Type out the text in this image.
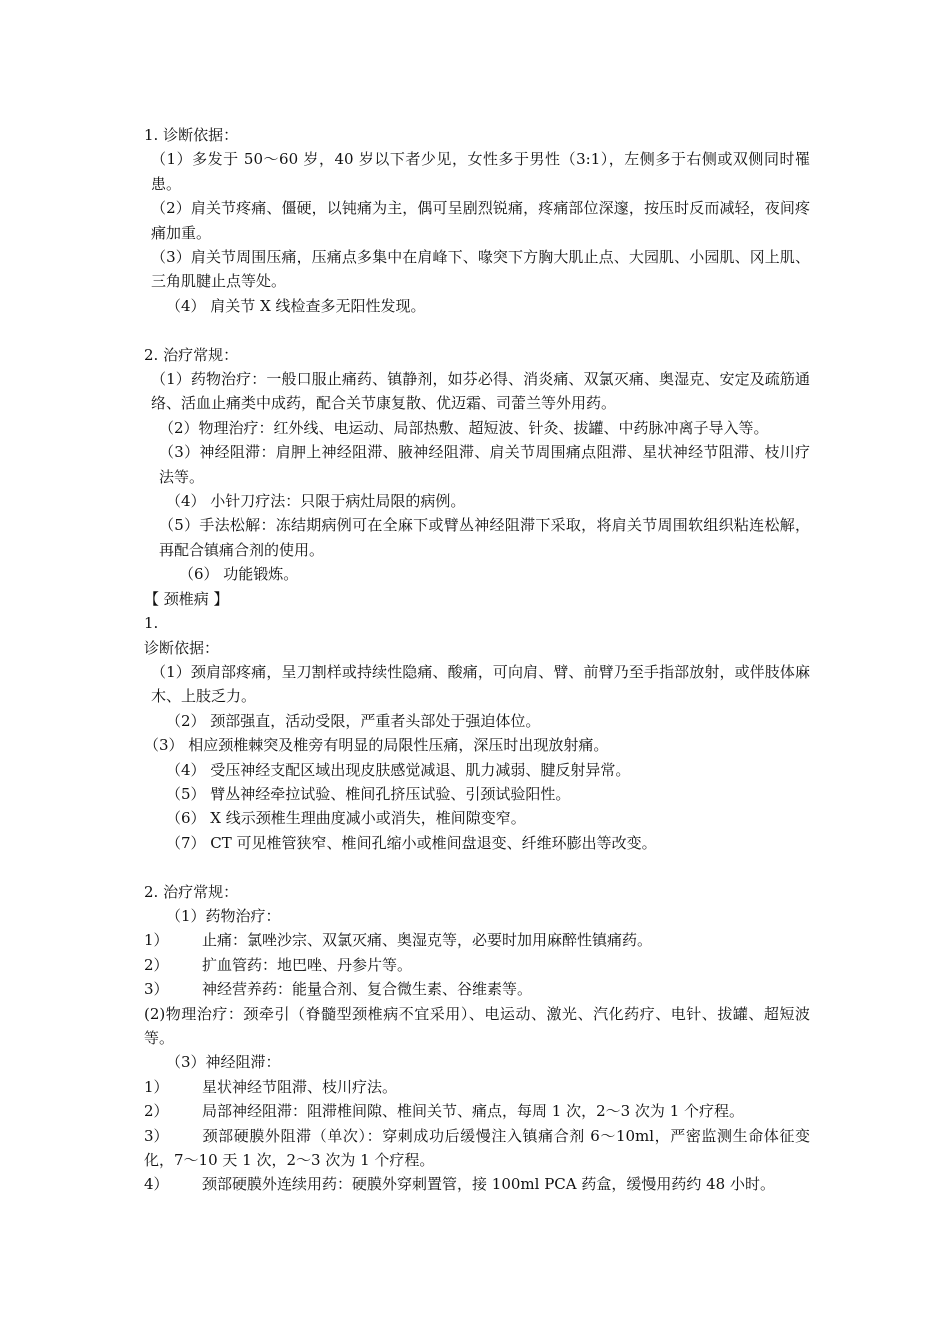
1. 诊断依据：

（1）多发于 50～60 岁，40 岁以下者少见，女性多于男性（3:1），左侧多于右侧或双侧同时罹患。

（2）肩关节疼痛、僵硬，以钝痛为主，偶可呈剧烈锐痛，疼痛部位深邃，按压时反而减轻，夜间疼痛加重。

（3）肩关节周围压痛，压痛点多集中在肩峰下、喙突下方胸大肌止点、大园肌、小园肌、冈上肌、三角肌腱止点等处。

（4） 肩关节 X 线检查多无阳性发现。

2. 治疗常规：

（1）药物治疗：一般口服止痛药、镇静剂，如芬必得、消炎痛、双氯灭痛、奥湿克、安定及疏筋通络、活血止痛类中成药，配合关节康复散、优迈霜、司蕾兰等外用药。

（2）物理治疗：红外线、电运动、局部热敷、超短波、针灸、拔罐、中药脉冲离子导入等。

（3）神经阻滞：肩胛上神经阻滞、腋神经阻滞、肩关节周围痛点阻滞、星状神经节阻滞、枝川疗法等。

（4） 小针刀疗法：只限于病灶局限的病例。

（5）手法松解：冻结期病例可在全麻下或臂丛神经阻滞下采取，将肩关节周围软组织粘连松解，再配合镇痛合剂的使用。

（6） 功能锻炼。

【 颈椎病 】

1.

诊断依据：

（1）颈肩部疼痛，呈刀割样或持续性隐痛、酸痛，可向肩、臂、前臂乃至手指部放射，或伴肢体麻木、上肢乏力。

（2） 颈部强直，活动受限，严重者头部处于强迫体位。

（3） 相应颈椎棘突及椎旁有明显的局限性压痛，深压时出现放射痛。

（4） 受压神经支配区域出现皮肤感觉减退、肌力减弱、腱反射异常。

（5） 臂丛神经牵拉试验、椎间孔挤压试验、引颈试验阳性。

（6） X 线示颈椎生理曲度减小或消失，椎间隙变窄。

（7） CT 可见椎管狭窄、椎间孔缩小或椎间盘退变、纤维环膨出等改变。

2. 治疗常规：

（1）药物治疗：

1） 止痛：氯唑沙宗、双氯灭痛、奥湿克等，必要时加用麻醉性镇痛药。

2） 扩血管药：地巴唑、丹参片等。

3） 神经营养药：能量合剂、复合微生素、谷维素等。

(2)物理治疗：颈牵引（脊髓型颈椎病不宜采用）、电运动、激光、汽化药疗、电针、拔罐、超短波等。

（3）神经阻滞：

1） 星状神经节阻滞、枝川疗法。

2） 局部神经阻滞：阻滞椎间隙、椎间关节、痛点，每周 1 次，2～3 次为 1 个疗程。

3） 颈部硬膜外阻滞（单次）：穿刺成功后缓慢注入镇痛合剂 6～10ml，严密监测生命体征变化，7～10 天 1 次，2～3 次为 1 个疗程。

4） 颈部硬膜外连续用药：硬膜外穿刺置管，接 100ml PCA 药盒，缓慢用药约 48 小时。
